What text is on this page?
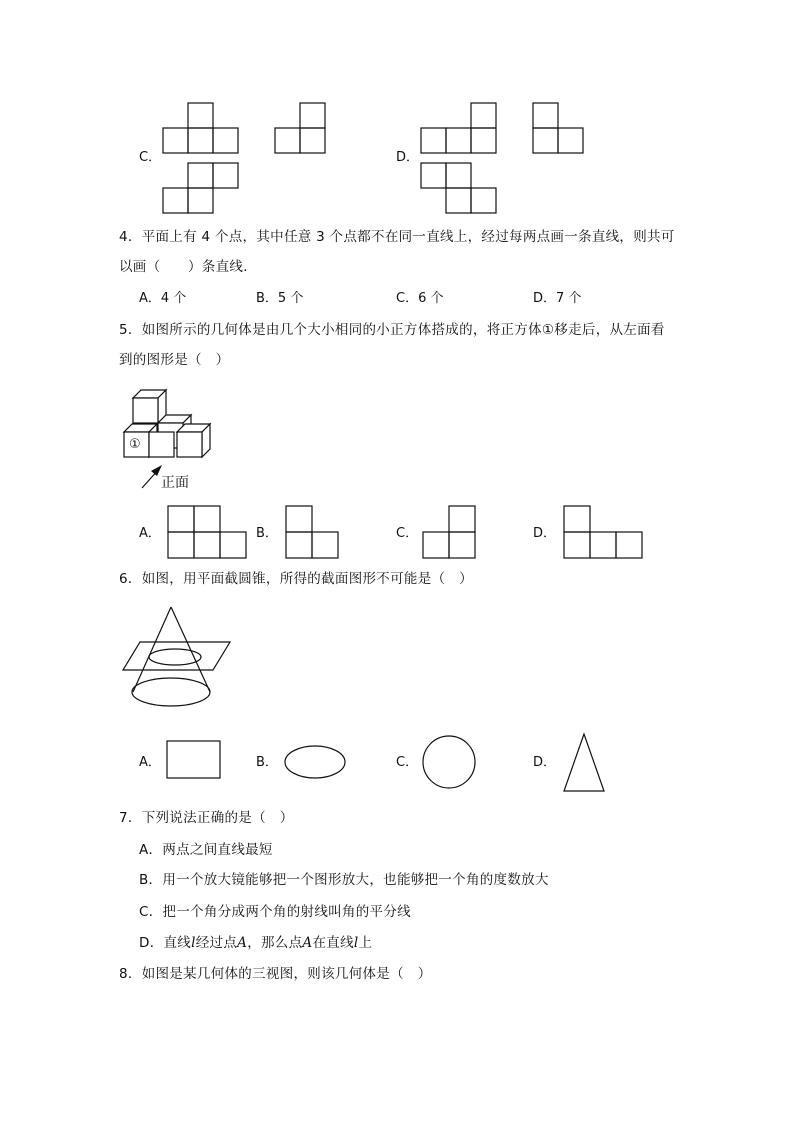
C．	D．
4．平面上有 4 个点，其中任意 3 个点都不在同一直线上，经过每两点画一条直线，则共可
以画（　　）条直线．
A．4 个	B．5 个	C．6 个	D．7 个
5．如图所示的几何体是由几个大小相同的小正方体搭成的，将正方体①移走后，从左面看
到的图形是（　）
①
正面
A．	B．	C．	D．
6．如图，用平面截圆锥，所得的截面图形不可能是（　）
A．	B．	C．	D．
7．下列说法正确的是（　）
A．两点之间直线最短
B．用一个放大镜能够把一个图形放大，也能够把一个角的度数放大
C．把一个角分成两个角的射线叫角的平分线
D．直线l经过点A，那么点A在直线l上
8．如图是某几何体的三视图，则该几何体是（　）
